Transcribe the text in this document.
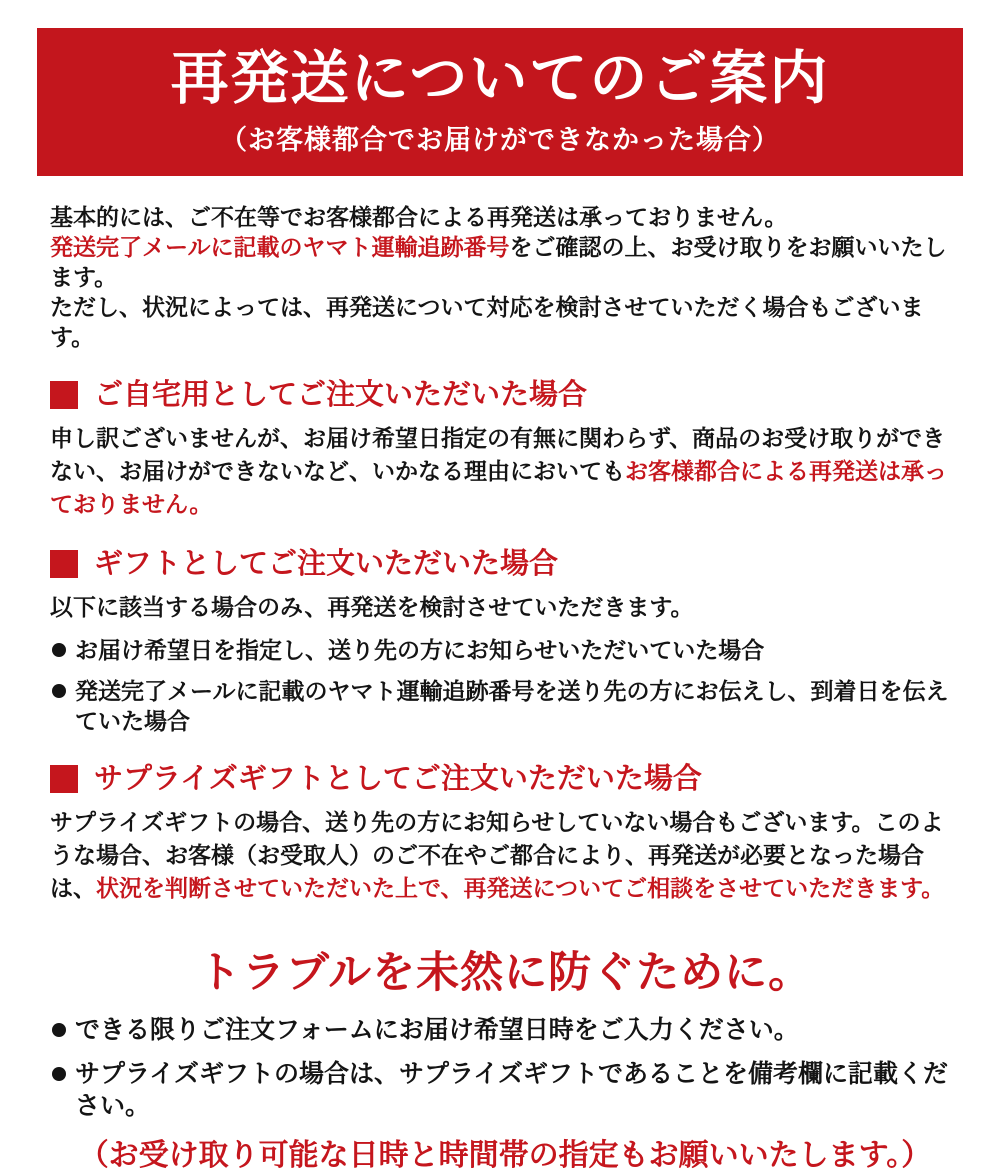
再発送についてのご案内
（お客様都合でお届けができなかった場合）

基本的には、ご不在等でお客様都合による再発送は承っておりません。
発送完了メールに記載のヤマト運輸追跡番号をご確認の上、お受け取りをお願いいたします。
ただし、状況によっては、再発送について対応を検討させていただく場合もございます。

ご自宅用としてご注文いただいた場合

申し訳ございませんが、お届け希望日指定の有無に関わらず、商品のお受け取りができない、お届けができないなど、いかなる理由においてもお客様都合による再発送は承っておりません。

ギフトとしてご注文いただいた場合

以下に該当する場合のみ、再発送を検討させていただきます。

お届け希望日を指定し、送り先の方にお知らせいただいていた場合
発送完了メールに記載のヤマト運輸追跡番号を送り先の方にお伝えし、到着日を伝えていた場合
サプライズギフトとしてご注文いただいた場合

サプライズギフトの場合、送り先の方にお知らせしていない場合もございます。このような場合、お客様（お受取人）のご不在やご都合により、再発送が必要となった場合は、状況を判断させていただいた上で、再発送についてご相談をさせていただきます。

トラブルを未然に防ぐために。
できる限りご注文フォームにお届け希望日時をご入力ください。
サプライズギフトの場合は、サプライズギフトであることを備考欄に記載ください。
（お受け取り可能な日時と時間帯の指定もお願いいたします。）
